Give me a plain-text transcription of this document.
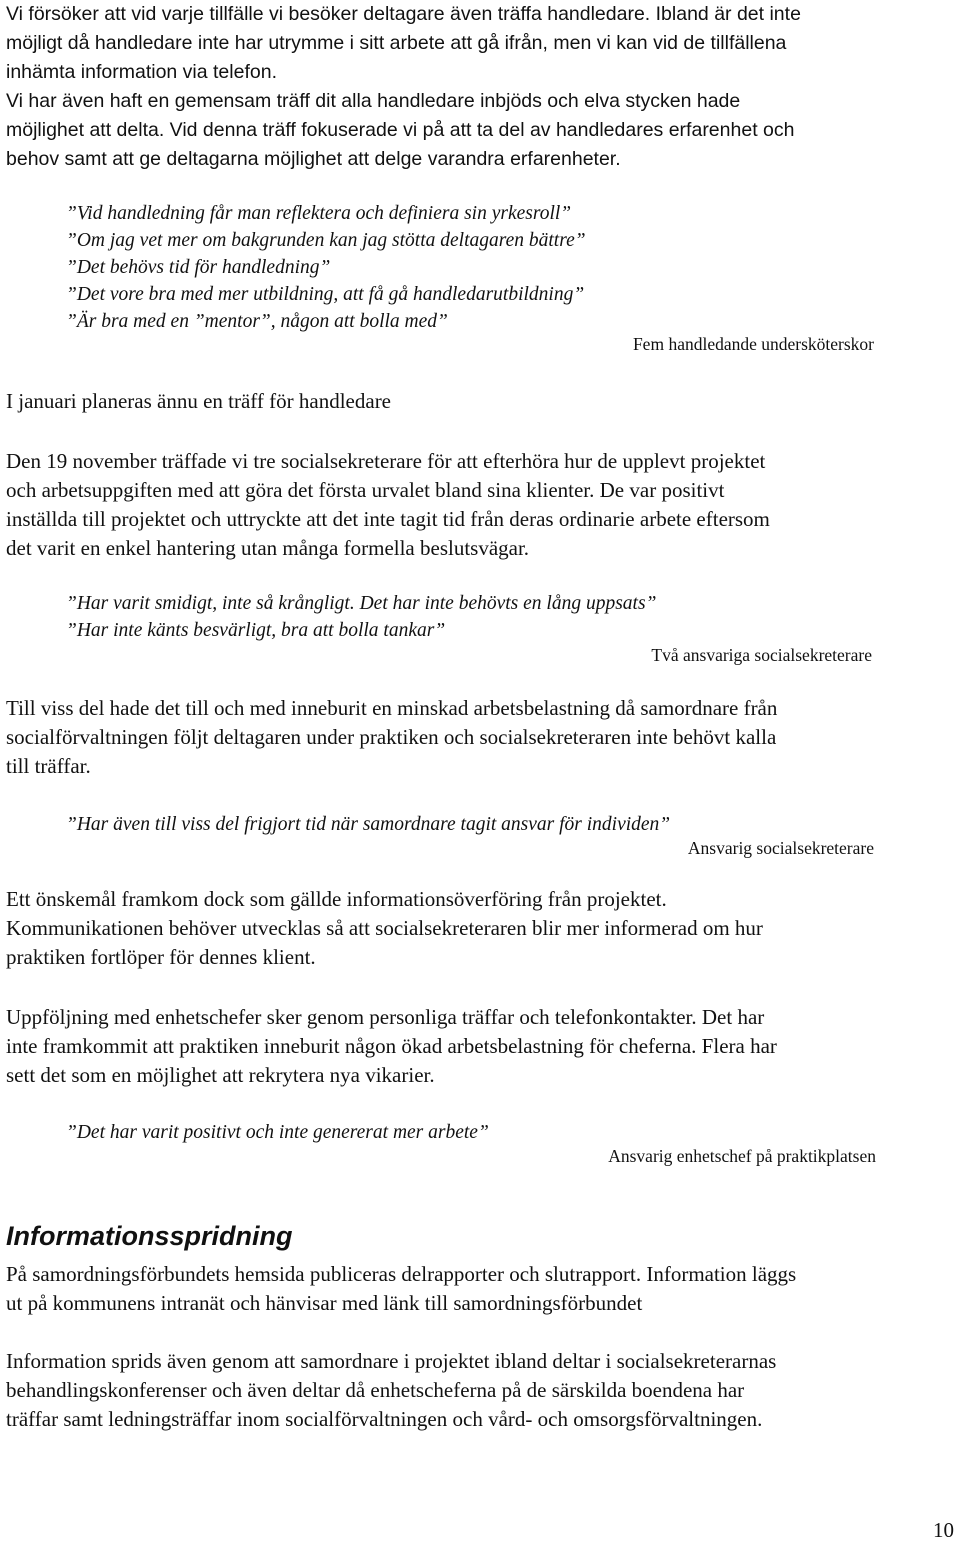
Vi försöker att vid varje tillfälle vi besöker deltagare även träffa handledare. Ibland är det inte
möjligt då handledare inte har utrymme i sitt arbete att gå ifrån, men vi kan vid de tillfällena
inhämta information via telefon.
Vi har även haft en gemensam träff dit alla handledare inbjöds och elva stycken hade
möjlighet att delta. Vid denna träff fokuserade vi på att ta del av handledares erfarenhet och
behov samt att ge deltagarna möjlighet att delge varandra erfarenheter.
”Vid handledning får man reflektera och definiera sin yrkesroll”
”Om jag vet mer om bakgrunden kan jag stötta deltagaren bättre”
”Det behövs tid för handledning”
”Det vore bra med mer utbildning, att få gå handledarutbildning”
”Är bra med en ”mentor”, någon att bolla med”
Fem handledande undersköterskor
I januari planeras ännu en träff för handledare
Den 19 november träffade vi tre socialsekreterare för att efterhöra hur de upplevt projektet
och arbetsuppgiften med att göra det första urvalet bland sina klienter. De var positivt
inställda till projektet och uttryckte att det inte tagit tid från deras ordinarie arbete eftersom
det varit en enkel hantering utan många formella beslutsvägar.
”Har varit smidigt, inte så krångligt. Det har inte behövts en lång uppsats”
”Har inte känts besvärligt, bra att bolla tankar”
Två ansvariga socialsekreterare
Till viss del hade det till och med inneburit en minskad arbetsbelastning då samordnare från
socialförvaltningen följt deltagaren under praktiken och socialsekreteraren inte behövt kalla
till träffar.
”Har även till viss del frigjort tid när samordnare tagit ansvar för individen”
Ansvarig socialsekreterare
Ett önskemål framkom dock som gällde informationsöverföring från projektet.
Kommunikationen behöver utvecklas så att socialsekreteraren blir mer informerad om hur
praktiken fortlöper för dennes klient.
Uppföljning med enhetschefer sker genom personliga träffar och telefonkontakter. Det har
inte framkommit att praktiken inneburit någon ökad arbetsbelastning för cheferna. Flera har
sett det som en möjlighet att rekrytera nya vikarier.
”Det har varit positivt och inte genererat mer arbete”
Ansvarig enhetschef på praktikplatsen
Informationsspridning
På samordningsförbundets hemsida publiceras delrapporter och slutrapport. Information läggs
ut på kommunens intranät och hänvisar med länk till samordningsförbundet
Information sprids även genom att samordnare i projektet ibland deltar i socialsekreterarnas
behandlingskonferenser och även deltar då enhetscheferna på de särskilda boendena har
träffar samt ledningsträffar inom socialförvaltningen och vård- och omsorgsförvaltningen.
10
